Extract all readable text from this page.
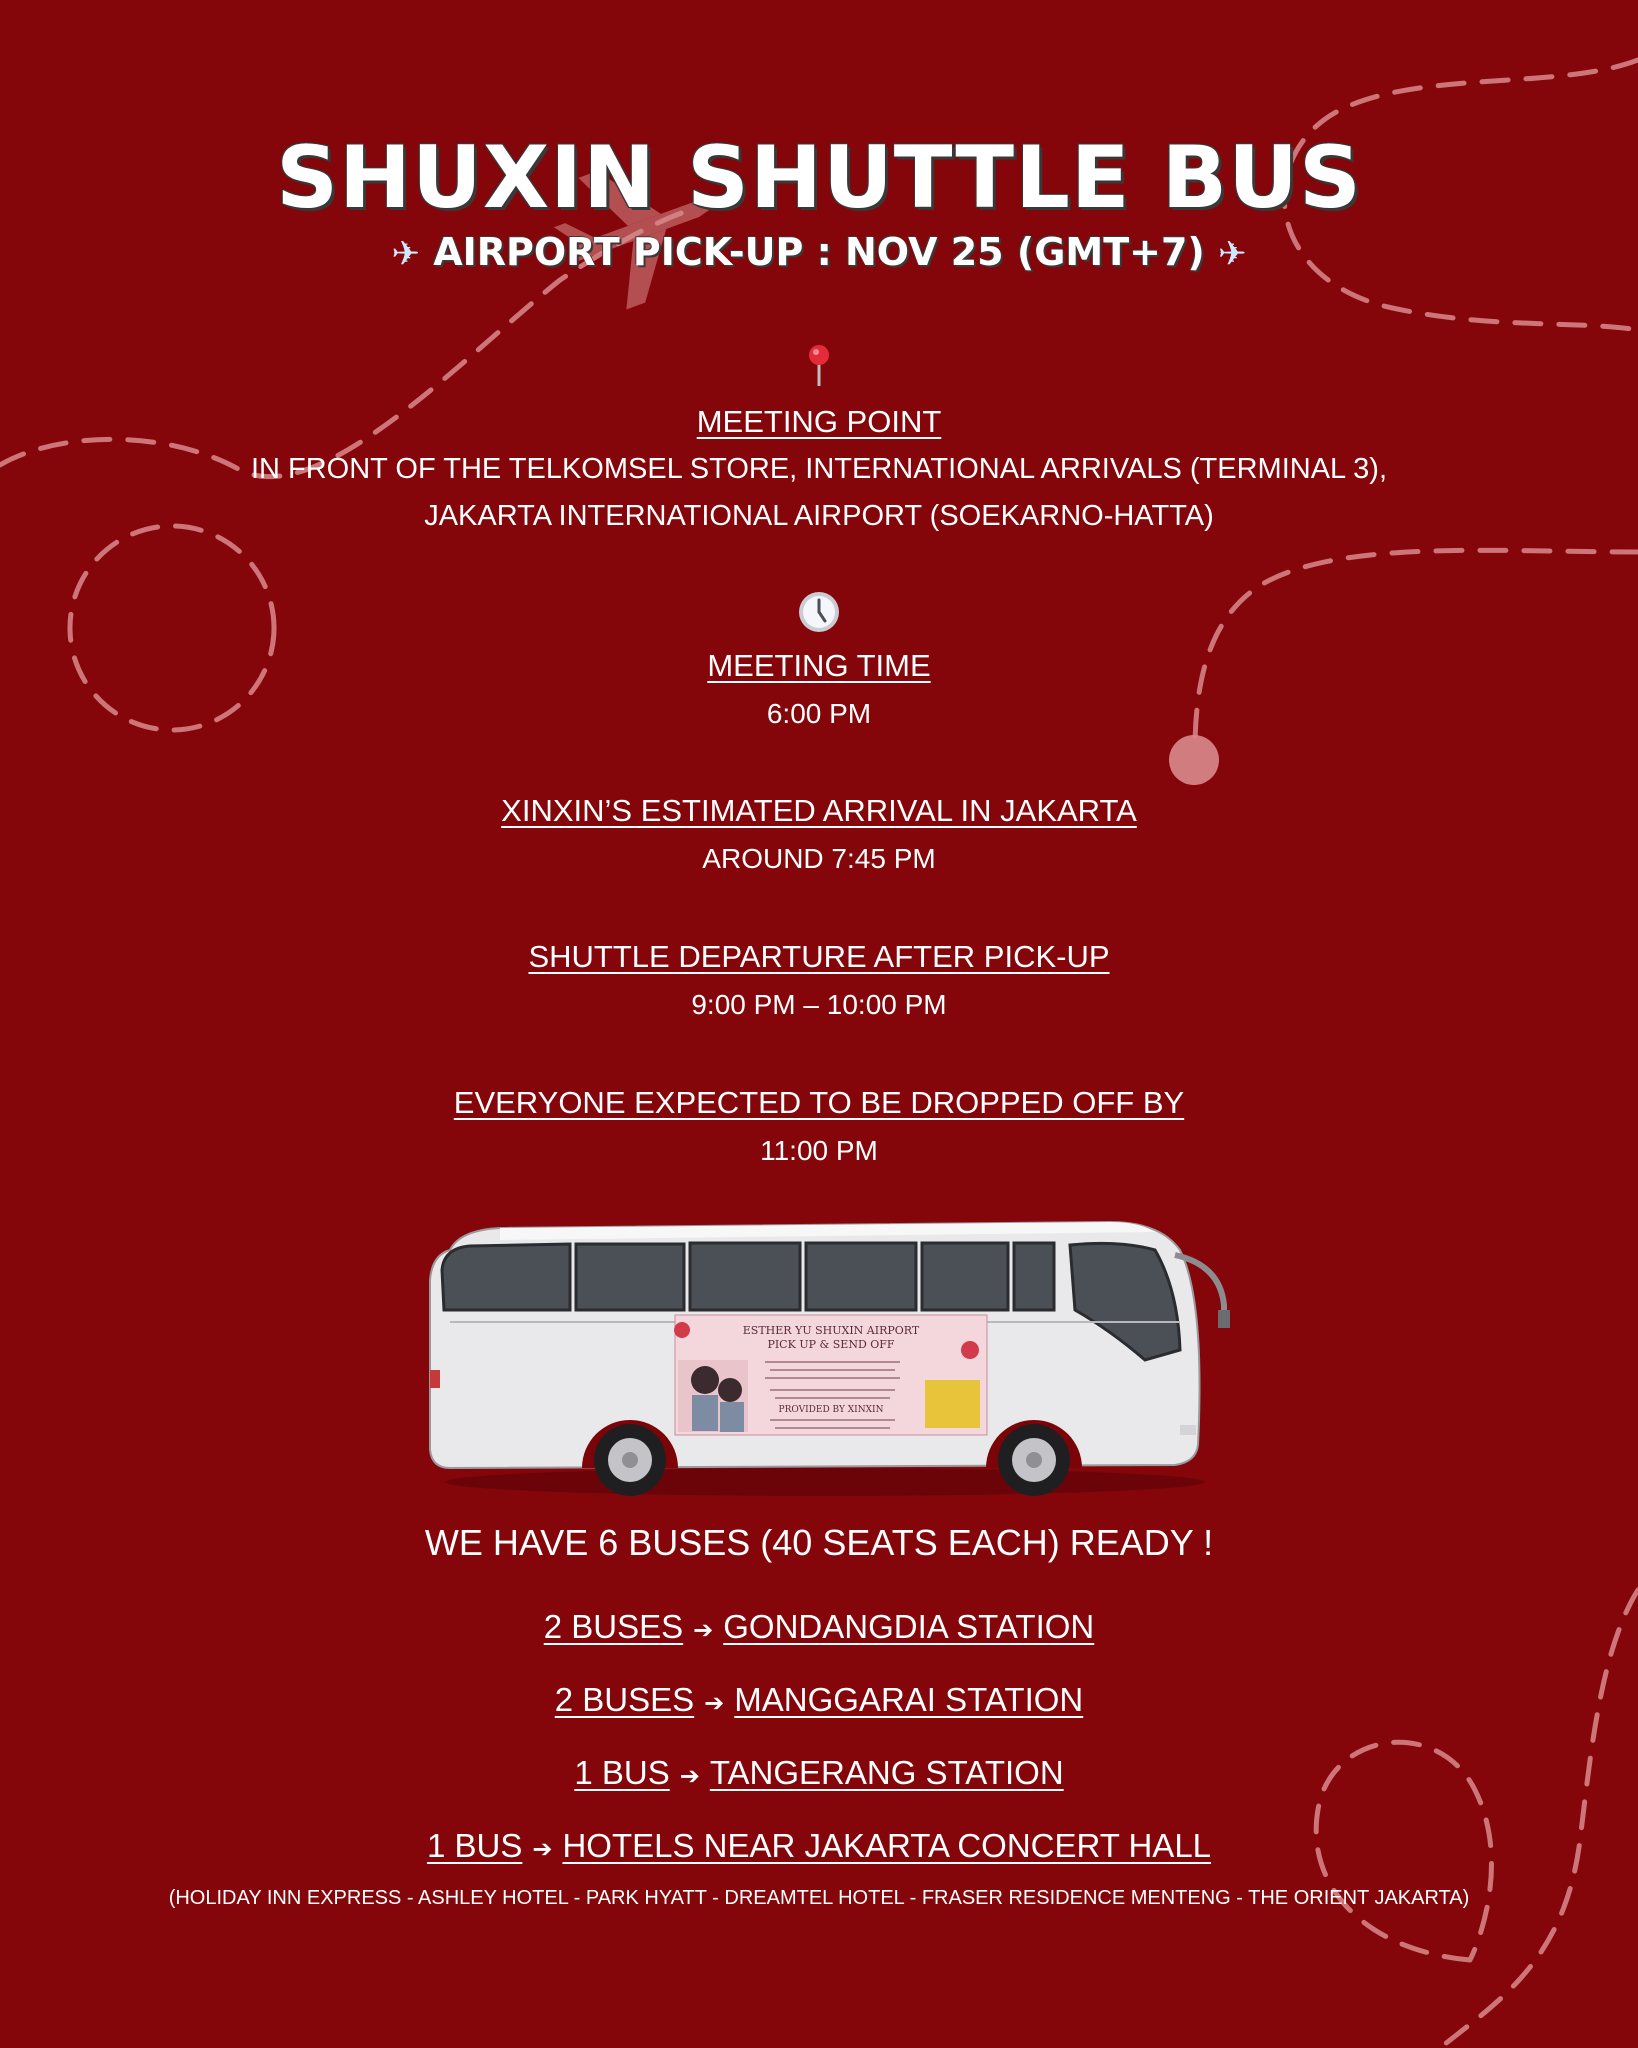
SHUXIN SHUTTLE BUS
✈ AIRPORT PICK-UP : NOV 25 (GMT+7) ✈
MEETING POINT
IN FRONT OF THE TELKOMSEL STORE, INTERNATIONAL ARRIVALS (TERMINAL 3),
JAKARTA INTERNATIONAL AIRPORT (SOEKARNO-HATTA)
MEETING TIME
6:00 PM
XINXIN’S ESTIMATED ARRIVAL IN JAKARTA
AROUND 7:45 PM
SHUTTLE DEPARTURE AFTER PICK-UP
9:00 PM – 10:00 PM
EVERYONE EXPECTED TO BE DROPPED OFF BY
11:00 PM
ESTHER YU SHUXIN AIRPORT
PICK UP & SEND OFF
PROVIDED BY XINXIN
WE HAVE 6 BUSES (40 SEATS EACH) READY !
2 BUSES ➔ GONDANGDIA STATION
2 BUSES ➔ MANGGARAI STATION
1 BUS ➔ TANGERANG STATION
1 BUS ➔ HOTELS NEAR JAKARTA CONCERT HALL
(HOLIDAY INN EXPRESS - ASHLEY HOTEL - PARK HYATT - DREAMTEL HOTEL - FRASER RESIDENCE MENTENG - THE ORIENT JAKARTA)
